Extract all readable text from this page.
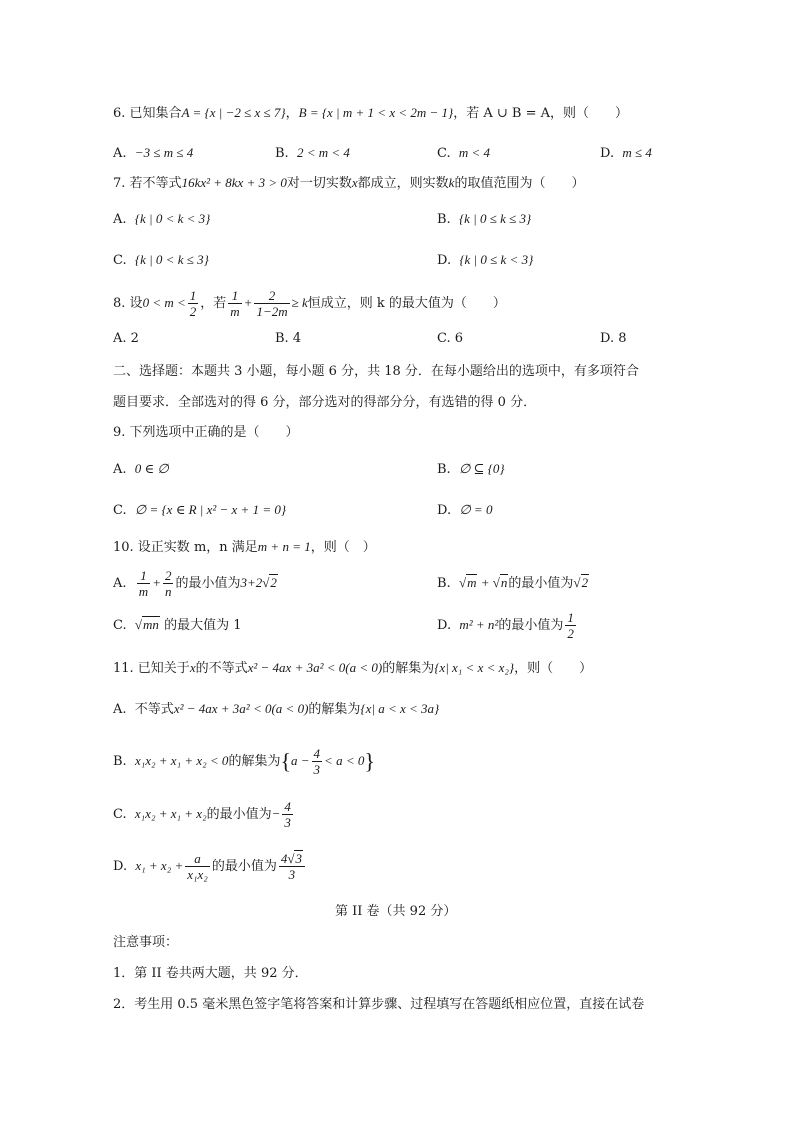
6. 已知集合A = {x | −2 ≤ x ≤ 7}，B = {x | m + 1 < x < 2m − 1}，若 A ∪ B = A，则（　　）
A. −3 ≤ m ≤ 4	B. 2 < m < 4	C. m < 4	D. m ≤ 4
7. 若不等式16kx² + 8kx + 3 > 0对一切实数x都成立，则实数k的取值范围为（　　）
A. {k | 0 < k < 3}	B. {k | 0 ≤ k ≤ 3}
C. {k | 0 < k ≤ 3}	D. {k | 0 ≤ k < 3}
8. 设$0 < m < \frac{1}{2}$ ，若 $\frac{1}{m} + \frac{2}{1-2m} \ge k$恒成立，则 k 的最大值为（　　）
A. 2	B. 4	C. 6	D. 8
二、选择题：本题共 3 小题，每小题 6 分，共 18 分．在每小题给出的选项中，有多项符合
题目要求．全部选对的得 6 分，部分选对的得部分分，有选错的得 0 分．
9. 下列选项中正确的是（　　）
A. 0 ∈ ∅	B. ∅ ⊆ {0}
C. ∅ = {x ∈ R | x² − x + 1 = 0}	D. ∅ = 0
10. 设正实数 m，n 满足m + n = 1，则（　）
A. $\frac{1}{m} + \frac{2}{n}$ 的最小值为3+2√2	B. √m + √n的最小值为√2
C. √mn 的最大值为 1	D. m² + n²的最小值为 $\frac{1}{2}$
11. 已知关于x的不等式x² − 4ax + 3a² < 0(a < 0)的解集为{x| x₁ < x < x₂}，则（　　）
A. 不等式x² − 4ax + 3a² < 0(a < 0)的解集为{x| a < x < 3a}
B. x₁x₂ + x₁ + x₂ < 0的解集为$\{a - \frac{4}{3} < a < 0\}$
C. x₁x₂ + x₁ + x₂的最小值为− $\frac{4}{3}$
D. $x_1 + x_2 + \frac{a}{\text{x₁x₂}}$ 的最小值为 $\frac{4√3}{3}$
第 II 卷（共 92 分）
注意事项：
1．第 II 卷共两大题，共 92 分．
2．考生用 0.5 毫米黑色签字笔将答案和计算步骤、过程填写在答题纸相应位置，直接在试卷
